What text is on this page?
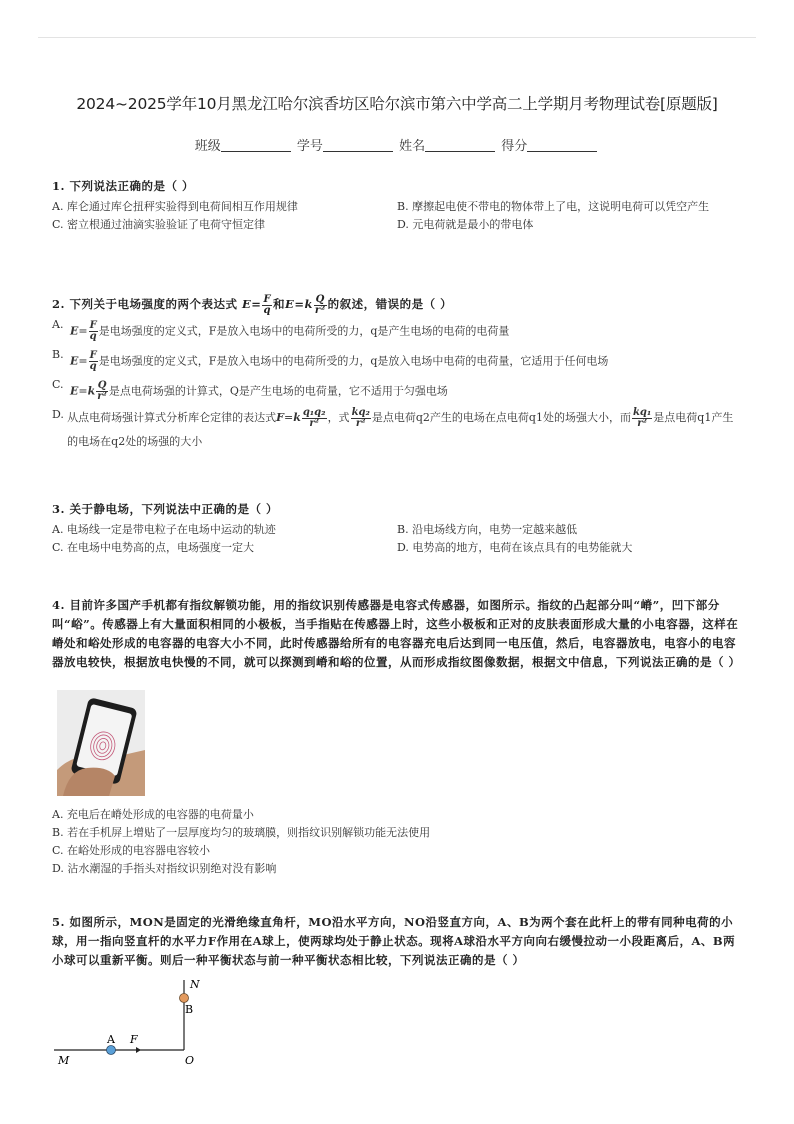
2024~2025学年10月黑龙江哈尔滨香坊区哈尔滨市第六中学高二上学期月考物理试卷[原题版]
班级	学号	姓名	得分
1. 下列说法正确的是（ ）
A. 库仑通过库仑扭秤实验得到电荷间相互作用规律	B. 摩擦起电使不带电的物体带上了电，这说明电荷可以凭空产生
C. 密立根通过油滴实验验证了电荷守恒定律	D. 元电荷就是最小的带电体
2. 下列关于电场强度的两个表达式 $E= \frac{F}{q}$ 和$E=k \frac{Q}{\text{r²}}$ 的叙述，错误的是（ ）
A. $E= \frac{F}{q}$ 是电场强度的定义式，F是放入电场中的电荷所受的力，q是产生电场的电荷的电荷量
B. $E= \frac{F}{q}$ 是电场强度的定义式，F是放入电场中的电荷所受的力，q是放入电场中电荷的电荷量，它适用于任何电场
C. $E=k \frac{Q}{\text{r²}}$ 是点电荷场强的计算式，Q是产生电场的电荷量，它不适用于匀强电场
D. 从点电荷场强计算式分析库仑定律的表达式$F=k \frac{\text{q₁q₂}}{\text{r²}}$ ，式 $\frac{\text{kq₂}}{\text{r²}}$ 是点电荷q2产生的电场在点电荷q1处的场强大小，而 $\frac{\text{kq₁}}{\text{r²}}$ 是点电荷q1产生的电场在q2处的场强的大小
3. 关于静电场，下列说法中正确的是（ ）
A. 电场线一定是带电粒子在电场中运动的轨迹	B. 沿电场线方向，电势一定越来越低
C. 在电场中电势高的点，电场强度一定大	D. 电势高的地方，电荷在该点具有的电势能就大
4. 目前许多国产手机都有指纹解锁功能，用的指纹识别传感器是电容式传感器，如图所示。指纹的凸起部分叫“嵴”，凹下部分叫“峪”。传感器上有大量面积相同的小极板，当手指贴在传感器上时，这些小极板和正对的皮肤表面形成大量的小电容器，这样在嵴处和峪处形成的电容器的电容大小不同，此时传感器给所有的电容器充电后达到同一电压值，然后，电容器放电，电容小的电容器放电较快，根据放电快慢的不同，就可以探测到嵴和峪的位置，从而形成指纹图像数据，根据文中信息，下列说法正确的是（ ）
A. 充电后在嵴处形成的电容器的电荷量小
B. 若在手机屏上增贴了一层厚度均匀的玻璃膜，则指纹识别解锁功能无法使用
C. 在峪处形成的电容器电容较小
D. 沾水潮湿的手指头对指纹识别绝对没有影响
5. 如图所示，MON是固定的光滑绝缘直角杆，MO沿水平方向，NO沿竖直方向，A、B为两个套在此杆上的带有同种电荷的小球，用一指向竖直杆的水平力F作用在A球上，使两球均处于静止状态。现将A球沿水平方向向右缓慢拉动一小段距离后，A、B两小球可以重新平衡。则后一种平衡状态与前一种平衡状态相比较，下列说法正确的是（ ）
N
B
A F
M	O
